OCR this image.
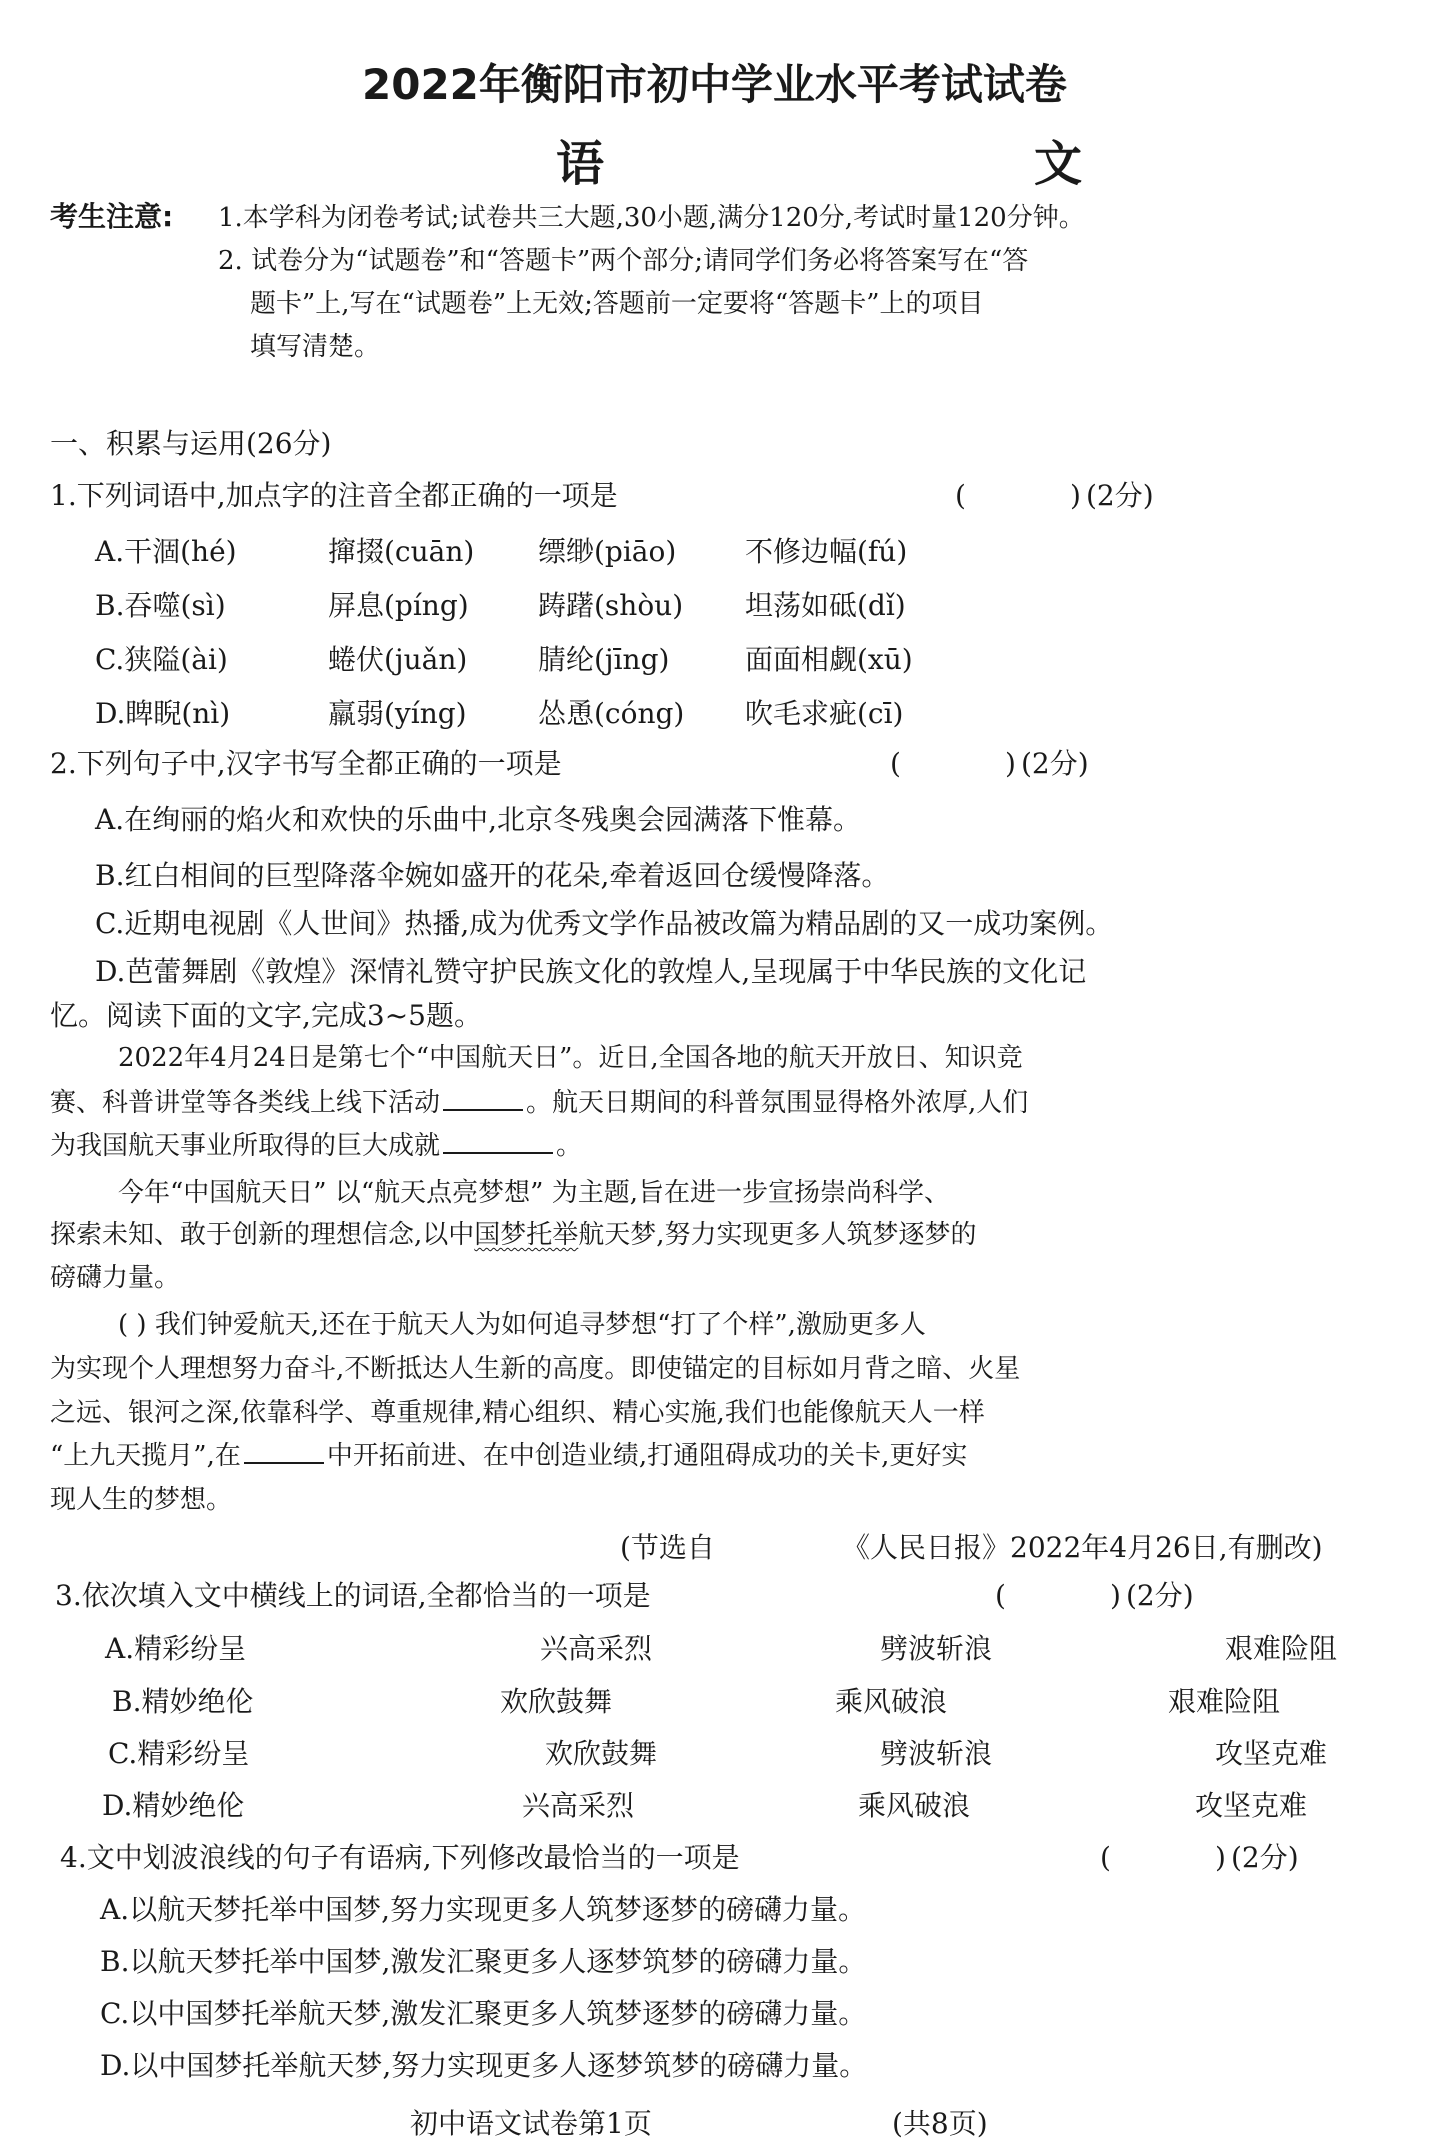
2022年衡阳市初中学业水平考试试卷
语	文
考生注意: 1.本学科为闭卷考试;试卷共三大题,30小题,满分120分,考试时量120分钟。
2. 试卷分为“试题卷”和“答题卡”两个部分;请同学们务必将答案写在“答
题卡”上,写在“试题卷”上无效;答题前一定要将“答题卡”上的项目
填写清楚。
一、积累与运用(26分)
1.下列词语中,加点字的注音全都正确的一项是	(	) (2分)
A.干涸(hé)	撺掇(cuān) 缥缈(piāo) 不修边幅(fú)
B.吞噬(sì)	屏息(píng) 踌躇(shòu) 坦荡如砥(dǐ)
C.狭隘(ài)	蜷伏(juǎn)	腈纶(jīng)	面面相觑(xū)
D.睥睨(nì)	羸弱(yíng)	怂恿(cóng) 吹毛求疵(cī)
2.下列句子中,汉字书写全都正确的一项是	(	) (2分)
A.在绚丽的焰火和欢快的乐曲中,北京冬残奥会园满落下惟幕。
B.红白相间的巨型降落伞婉如盛开的花朵,牵着返回仓缓慢降落。
C.近期电视剧《人世间》热播,成为优秀文学作品被改篇为精品剧的又一成功案例。
D.芭蕾舞剧《敦煌》深情礼赞守护民族文化的敦煌人,呈现属于中华民族的文化记
忆。阅读下面的文字,完成3~5题。
2022年4月24日是第七个“中国航天日”。近日,全国各地的航天开放日、知识竞
赛、科普讲堂等各类线上线下活动	。航天日期间的科普氛围显得格外浓厚,人们
为我国航天事业所取得的巨大成就	。
今年“中国航天日” 以“航天点亮梦想” 为主题,旨在进一步宣扬崇尚科学、
探索未知、敢于创新的理想信念,以中国梦托举航天梦,努力实现更多人筑梦逐梦的
磅礴力量。
( ) 我们钟爱航天,还在于航天人为如何追寻梦想“打了个样”,激励更多人
为实现个人理想努力奋斗,不断抵达人生新的高度。即使锚定的目标如月背之暗、火星
之远、银河之深,依靠科学、尊重规律,精心组织、精心实施,我们也能像航天人一样
“上九天揽月”,在	中开拓前进、在中创造业绩,打通阻碍成功的关卡,更好实
现人生的梦想。
(节选自	《人民日报》2022年4月26日,有删改)
3.依次填入文中横线上的词语,全都恰当的一项是	(	) (2分)
A.精彩纷呈	兴高采烈	劈波斩浪	艰难险阻
B.精妙绝伦	欢欣鼓舞	乘风破浪	艰难险阻
C.精彩纷呈	欢欣鼓舞	劈波斩浪	攻坚克难
D.精妙绝伦	兴高采烈	乘风破浪	攻坚克难
4.文中划波浪线的句子有语病,下列修改最恰当的一项是	(	) (2分)
A.以航天梦托举中国梦,努力实现更多人筑梦逐梦的磅礴力量。
B.以航天梦托举中国梦,激发汇聚更多人逐梦筑梦的磅礴力量。
C.以中国梦托举航天梦,激发汇聚更多人筑梦逐梦的磅礴力量。
D.以中国梦托举航天梦,努力实现更多人逐梦筑梦的磅礴力量。
初中语文试卷第1页	(共8页)
